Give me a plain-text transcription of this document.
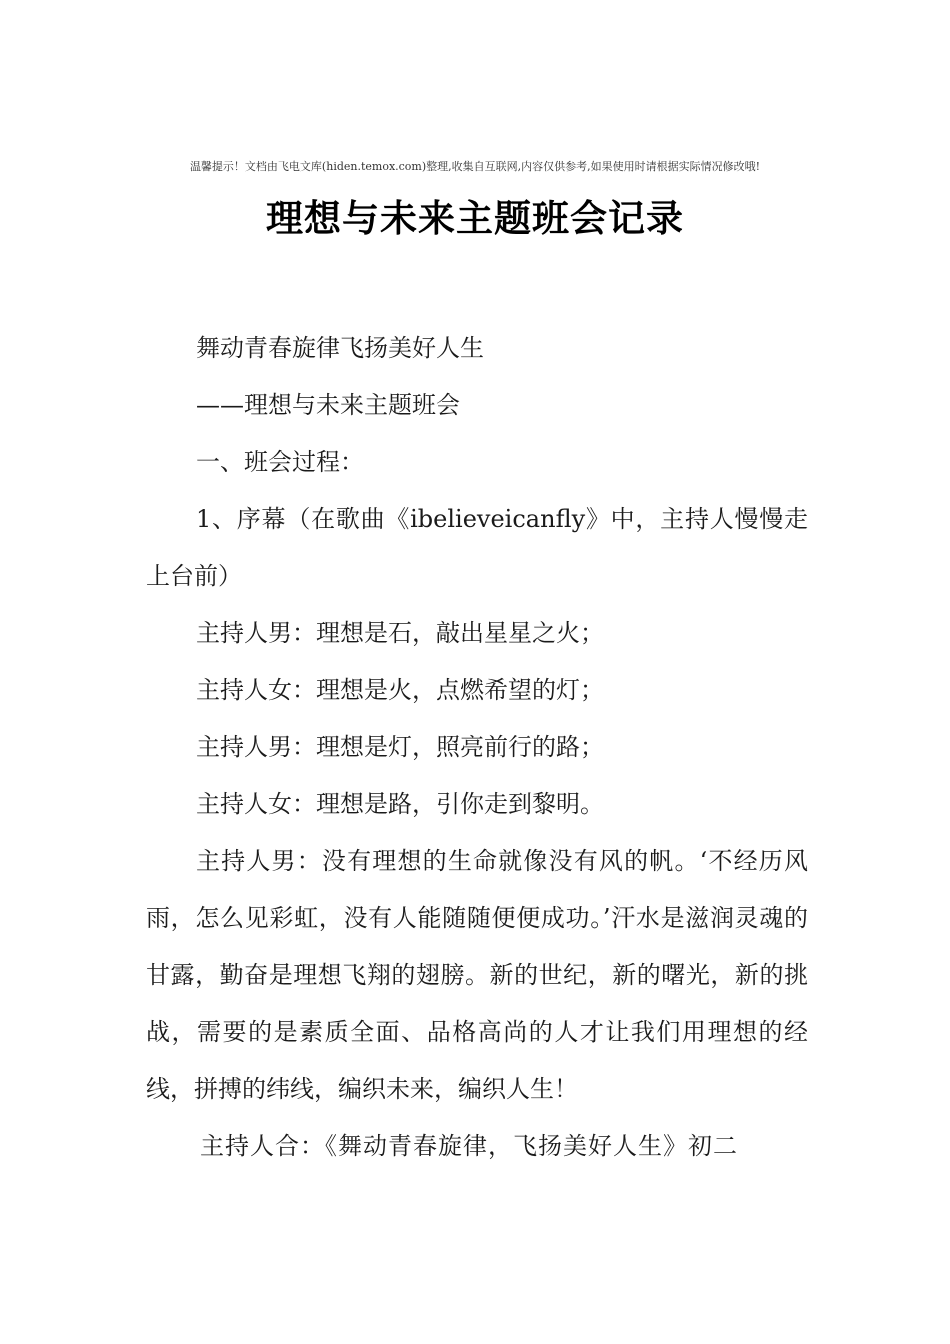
温馨提示！文档由飞电文库(hiden.temox.com)整理,收集自互联网,内容仅供参考,如果使用时请根据实际情况修改哦!
理想与未来主题班会记录

舞动青春旋律飞扬美好人生

——理想与未来主题班会

一、班会过程：

1、序幕（在歌曲《ibelieveicanfly》中，主持人慢慢走上台前）

主持人男：理想是石，敲出星星之火；

主持人女：理想是火，点燃希望的灯；

主持人男：理想是灯，照亮前行的路；

主持人女：理想是路，引你走到黎明。

主持人男：没有理想的生命就像没有风的帆。‘不经历风雨，怎么见彩虹，没有人能随随便便成功。’汗水是滋润灵魂的甘露，勤奋是理想飞翔的翅膀。新的世纪，新的曙光，新的挑战，需要的是素质全面、品格高尚的人才让我们用理想的经线，拼搏的纬线，编织未来，编织人生！

主持人合：《舞动青春旋律，飞扬美好人生》初二
